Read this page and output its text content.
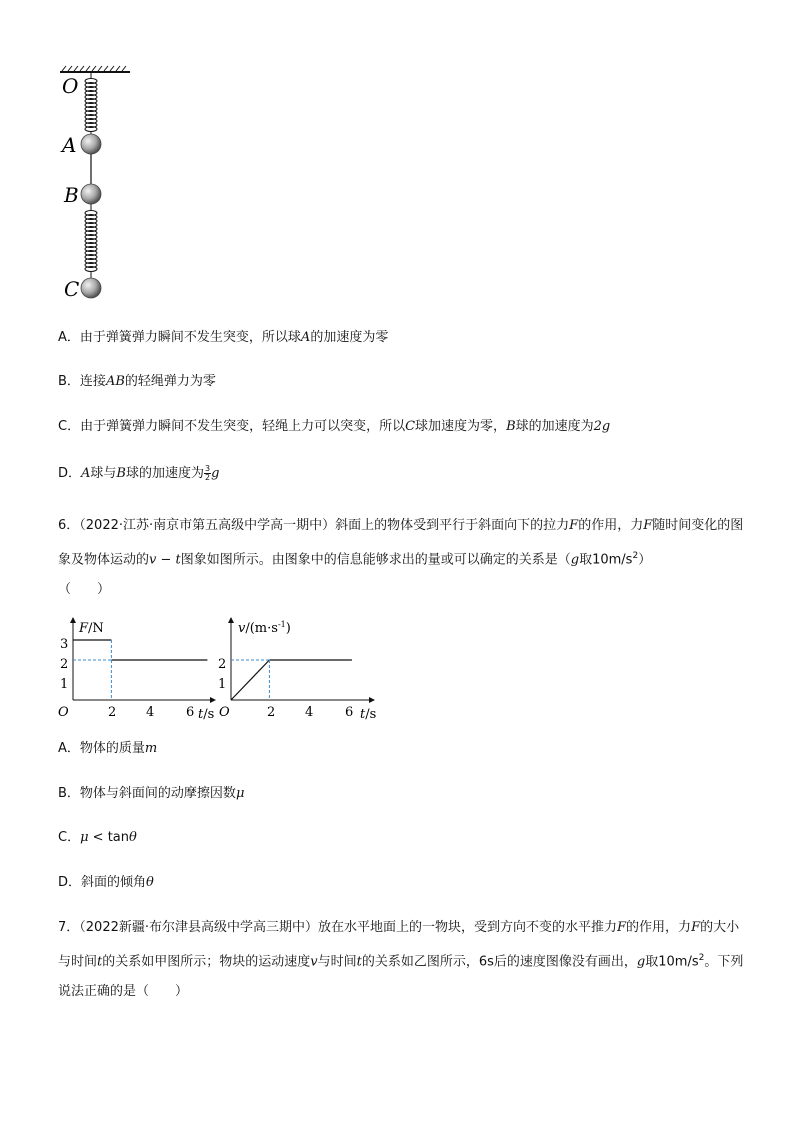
O
A
B
C
A．由于弹簧弹力瞬间不发生突变，所以球A的加速度为零
B．连接AB的轻绳弹力为零
C．由于弹簧弹力瞬间不发生突变，轻绳上力可以突变，所以C球加速度为零，B球的加速度为2g
D．A球与B球的加速度为 $\frac{3}{2}$ g
6．（2022·江苏·南京市第五高级中学高一期中）斜面上的物体受到平行于斜面向下的拉力F的作用，力F随时间变化的图象及物体运动的v − t图象如图所示。由图象中的信息能够求出的量或可以确定的关系是（g取$10m/s^2$）
（　　）
F/N
O
3
2
1
2 4 6 t/s
$v/(m\cdot s^{-1})$
O
2
1
2 4 6 t/s
A．物体的质量m
B．物体与斜面间的动摩擦因数μ
C．μ < tanθ
D．斜面的倾角θ
7．（2022新疆·布尔津县高级中学高三期中）放在水平地面上的一物块，受到方向不变的水平推力F的作用，力F的大小与时间t的关系如甲图所示；物块的运动速度v与时间t的关系如乙图所示，6s后的速度图像没有画出，g取$10m/s^2$。下列说法正确的是（　　）
